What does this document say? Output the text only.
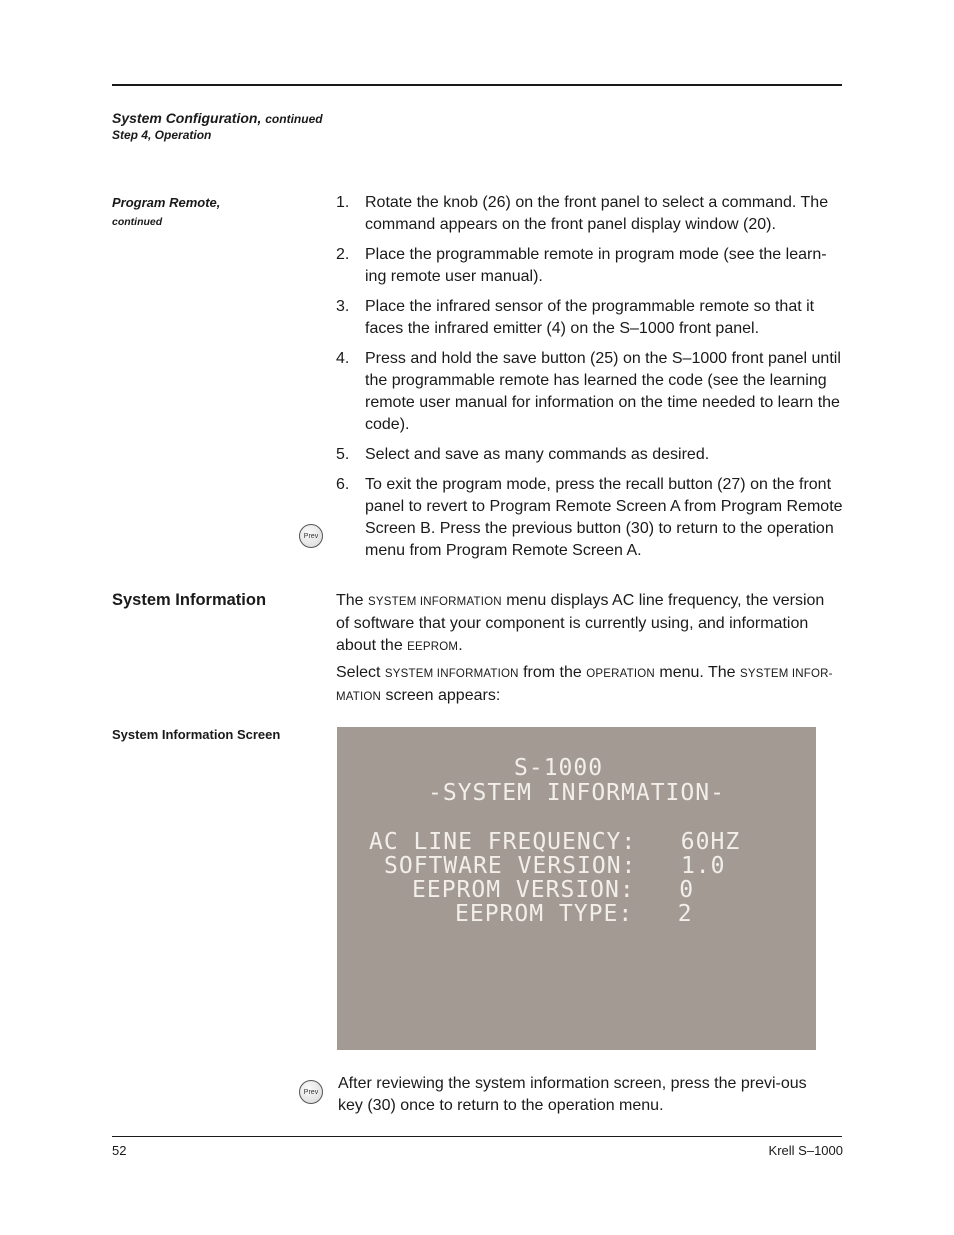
System Configuration, continued
Step 4, Operation
Program Remote,
continued
1. Rotate the knob (26) on the front panel to select a command. The command appears on the front panel display window (20).
2. Place the programmable remote in program mode (see the learn-ing remote user manual).
3. Place the infrared sensor of the programmable remote so that it faces the infrared emitter (4) on the S–1000 front panel.
4. Press and hold the save button (25) on the S–1000 front panel until the programmable remote has learned the code (see the learning remote user manual for information on the time needed to learn the code).
5. Select and save as many commands as desired.
6. To exit the program mode, press the recall button (27) on the front panel to revert to Program Remote Screen A from Program Remote Screen B. Press the previous button (30) to return to the operation menu from Program Remote Screen A.
Prev
System Information	The SYSTEM INFORMATION menu displays AC line frequency, the version of software that your component is currently using, and information about the EEPROM.

Select SYSTEM INFORMATION from the OPERATION menu. The SYSTEM INFOR-MATION screen appears:

System Information Screen
S-1000
-SYSTEM INFORMATION-
AC LINE FREQUENCY:   60HZ
SOFTWARE VERSION:   1.0
EEPROM VERSION:   0
EEPROM TYPE:   2
Prev After reviewing the system information screen, press the previ-ous key (30) once to return to the operation menu.

52	Krell S–1000
